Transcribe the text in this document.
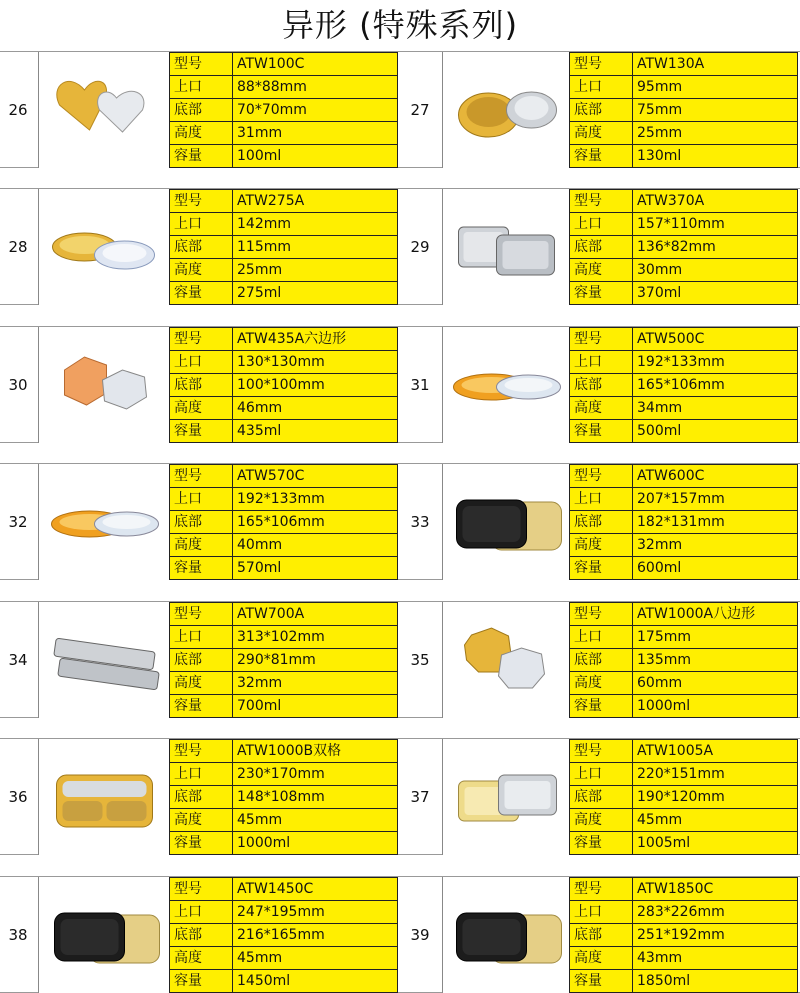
异形 (特殊系列)
26
型号	ATW100C
上口	88*88mm
底部	70*70mm
高度	31mm
容量	100ml
27
型号	ATW130A
上口	95mm
底部	75mm
高度	25mm
容量	130ml
28
型号	ATW275A
上口	142mm
底部	115mm
高度	25mm
容量	275ml
29
型号	ATW370A
上口	157*110mm
底部	136*82mm
高度	30mm
容量	370ml
30
型号	ATW435A六边形
上口	130*130mm
底部	100*100mm
高度	46mm
容量	435ml
31
型号	ATW500C
上口	192*133mm
底部	165*106mm
高度	34mm
容量	500ml
32
型号	ATW570C
上口	192*133mm
底部	165*106mm
高度	40mm
容量	570ml
33
型号	ATW600C
上口	207*157mm
底部	182*131mm
高度	32mm
容量	600ml
34
型号	ATW700A
上口	313*102mm
底部	290*81mm
高度	32mm
容量	700ml
35
型号	ATW1000A八边形
上口	175mm
底部	135mm
高度	60mm
容量	1000ml
36
型号	ATW1000B双格
上口	230*170mm
底部	148*108mm
高度	45mm
容量	1000ml
37
型号	ATW1005A
上口	220*151mm
底部	190*120mm
高度	45mm
容量	1005ml
38
型号	ATW1450C
上口	247*195mm
底部	216*165mm
高度	45mm
容量	1450ml
39
型号	ATW1850C
上口	283*226mm
底部	251*192mm
高度	43mm
容量	1850ml
